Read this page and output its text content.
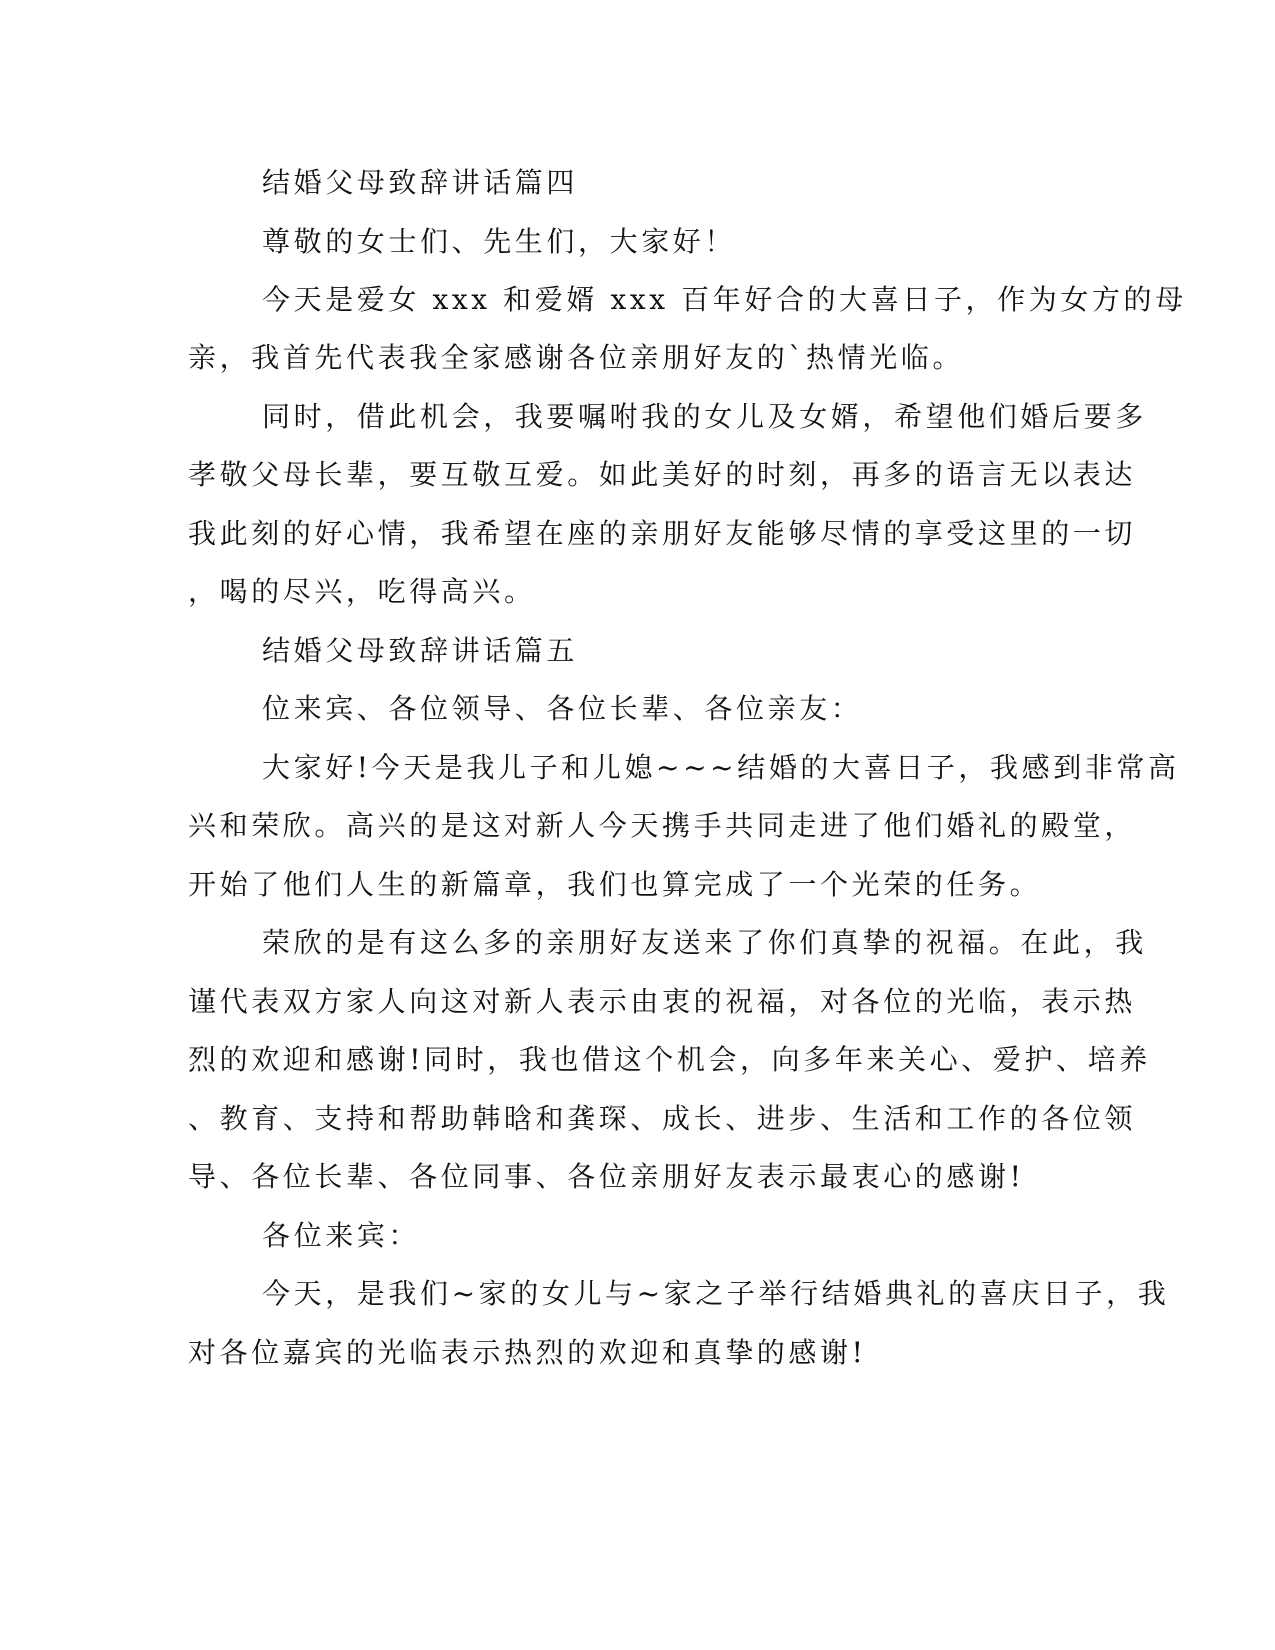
结婚父母致辞讲话篇四
尊敬的女士们、先生们，大家好！
今天是爱女 xxx 和爱婿 xxx 百年好合的大喜日子，作为女方的母
亲，我首先代表我全家感谢各位亲朋好友的`热情光临。
同时，借此机会，我要嘱咐我的女儿及女婿，希望他们婚后要多
孝敬父母长辈，要互敬互爱。如此美好的时刻，再多的语言无以表达
我此刻的好心情，我希望在座的亲朋好友能够尽情的享受这里的一切
，喝的尽兴，吃得高兴。
结婚父母致辞讲话篇五
位来宾、各位领导、各位长辈、各位亲友：
大家好!今天是我儿子和儿媳~~~结婚的大喜日子，我感到非常高
兴和荣欣。高兴的是这对新人今天携手共同走进了他们婚礼的殿堂，
开始了他们人生的新篇章，我们也算完成了一个光荣的任务。
荣欣的是有这么多的亲朋好友送来了你们真挚的祝福。在此，我
谨代表双方家人向这对新人表示由衷的祝福，对各位的光临，表示热
烈的欢迎和感谢!同时，我也借这个机会，向多年来关心、爱护、培养
、教育、支持和帮助韩晗和龚琛、成长、进步、生活和工作的各位领
导、各位长辈、各位同事、各位亲朋好友表示最衷心的感谢!
各位来宾：
今天，是我们~家的女儿与~家之子举行结婚典礼的喜庆日子，我
对各位嘉宾的光临表示热烈的欢迎和真挚的感谢!
